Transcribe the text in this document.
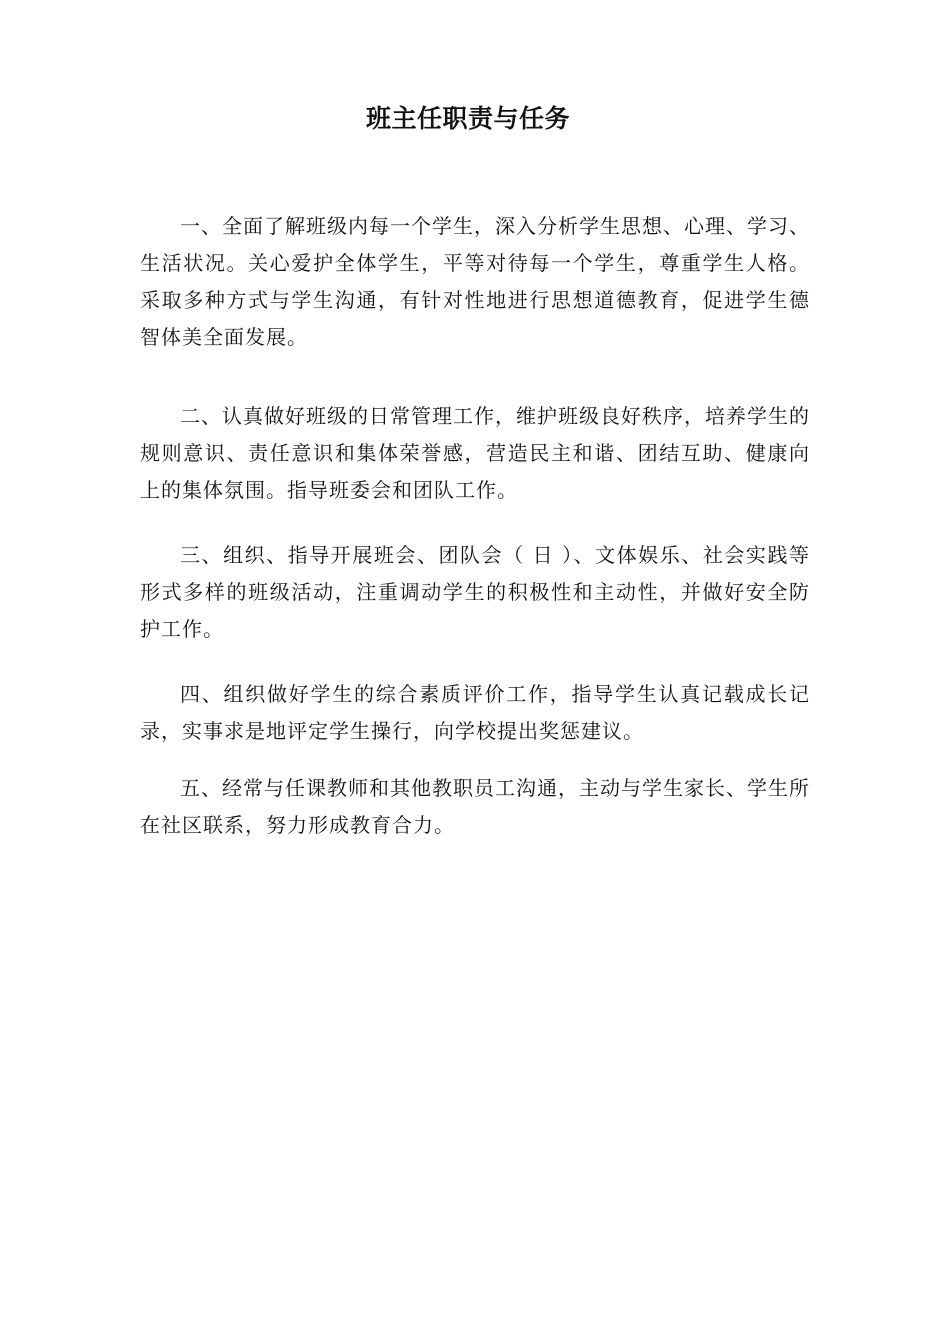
班主任职责与任务

一、全面了解班级内每一个学生，深入分析学生思想、心理、学习、生活状况。关心爱护全体学生，平等对待每一个学生，尊重学生人格。采取多种方式与学生沟通，有针对性地进行思想道德教育，促进学生德智体美全面发展。

二、认真做好班级的日常管理工作，维护班级良好秩序，培养学生的规则意识、责任意识和集体荣誉感，营造民主和谐、团结互助、健康向上的集体氛围。指导班委会和团队工作。

三、组织、指导开展班会、团队会（ 日 ）、文体娱乐、社会实践等形式多样的班级活动，注重调动学生的积极性和主动性，并做好安全防护工作。

四、组织做好学生的综合素质评价工作，指导学生认真记载成长记录，实事求是地评定学生操行，向学校提出奖惩建议。

五、经常与任课教师和其他教职员工沟通，主动与学生家长、学生所在社区联系，努力形成教育合力。
